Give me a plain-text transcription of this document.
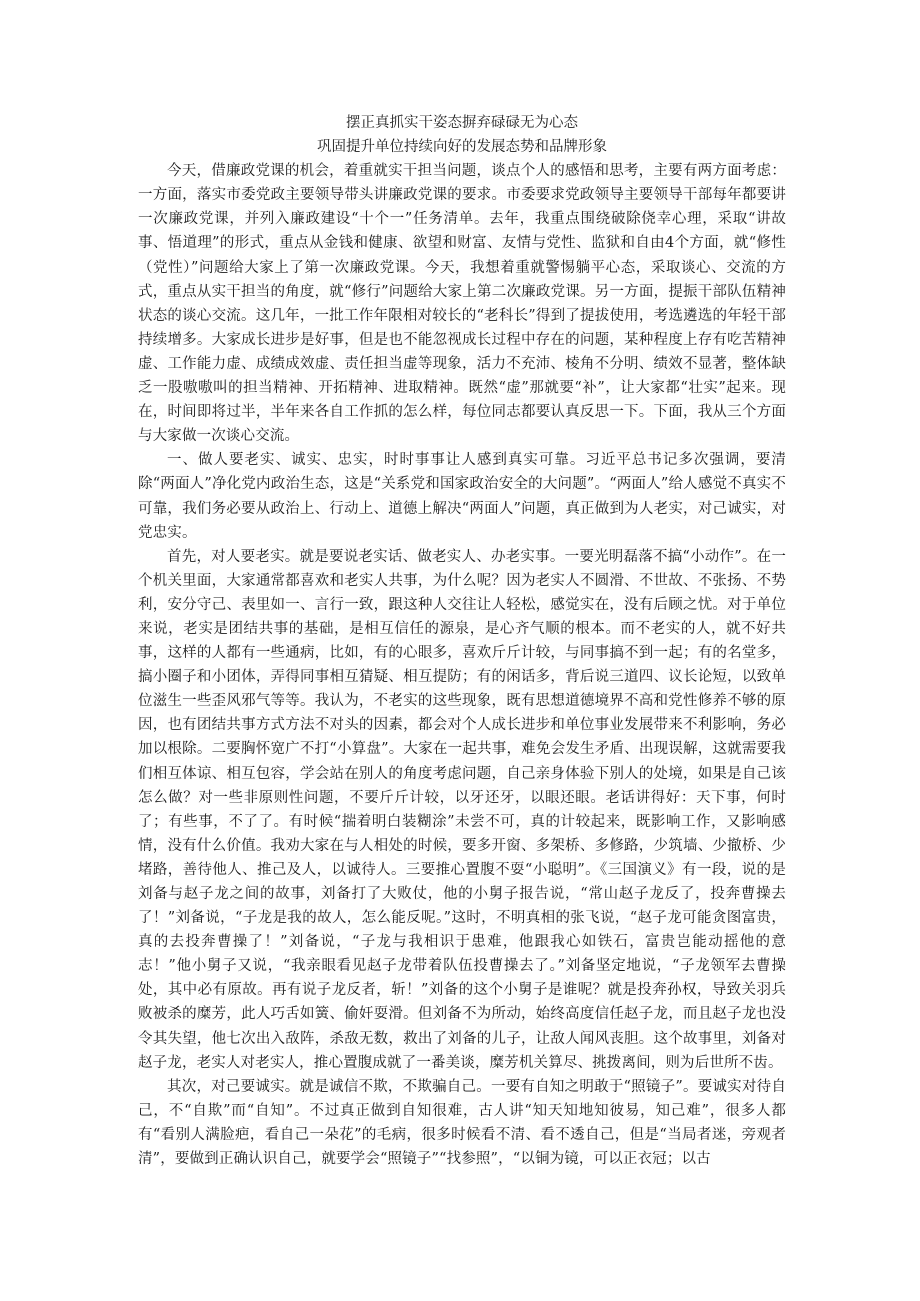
摆正真抓实干姿态摒弃碌碌无为心态
巩固提升单位持续向好的发展态势和品牌形象

今天，借廉政党课的机会，着重就实干担当问题，谈点个人的感悟和思考，主要有两方面考虑：一方面，落实市委党政主要领导带头讲廉政党课的要求。市委要求党政领导主要领导干部每年都要讲一次廉政党课，并列入廉政建设“十个一”任务清单。去年，我重点围绕破除侥幸心理，采取“讲故事、悟道理”的形式，重点从金钱和健康、欲望和财富、友情与党性、监狱和自由4个方面，就“修性（党性）”问题给大家上了第一次廉政党课。今天，我想着重就警惕躺平心态，采取谈心、交流的方式，重点从实干担当的角度，就“修行”问题给大家上第二次廉政党课。另一方面，提振干部队伍精神状态的谈心交流。这几年，一批工作年限相对较长的“老科长”得到了提拔使用，考选遴选的年轻干部持续增多。大家成长进步是好事，但是也不能忽视成长过程中存在的问题，某种程度上存有吃苦精神虚、工作能力虚、成绩成效虚、责任担当虚等现象，活力不充沛、棱角不分明、绩效不显著，整体缺乏一股嗷嗷叫的担当精神、开拓精神、进取精神。既然“虚”那就要“补”，让大家都“壮实”起来。现在，时间即将过半，半年来各自工作抓的怎么样，每位同志都要认真反思一下。下面，我从三个方面与大家做一次谈心交流。

一、做人要老实、诚实、忠实，时时事事让人感到真实可靠。习近平总书记多次强调，要清除“两面人”净化党内政治生态，这是“关系党和国家政治安全的大问题”。“两面人”给人感觉不真实不可靠，我们务必要从政治上、行动上、道德上解决“两面人”问题，真正做到为人老实，对己诚实，对党忠实。

首先，对人要老实。就是要说老实话、做老实人、办老实事。一要光明磊落不搞“小动作”。在一个机关里面，大家通常都喜欢和老实人共事，为什么呢？因为老实人不圆滑、不世故、不张扬、不势利，安分守己、表里如一、言行一致，跟这种人交往让人轻松，感觉实在，没有后顾之忧。对于单位来说，老实是团结共事的基础，是相互信任的源泉，是心齐气顺的根本。而不老实的人，就不好共事，这样的人都有一些通病，比如，有的心眼多，喜欢斤斤计较，与同事搞不到一起；有的名堂多，搞小圈子和小团体，弄得同事相互猜疑、相互提防；有的闲话多，背后说三道四、议长论短，以致单位滋生一些歪风邪气等等。我认为，不老实的这些现象，既有思想道德境界不高和党性修养不够的原因，也有团结共事方式方法不对头的因素，都会对个人成长进步和单位事业发展带来不利影响，务必加以根除。二要胸怀宽广不打“小算盘”。大家在一起共事，难免会发生矛盾、出现误解，这就需要我们相互体谅、相互包容，学会站在别人的角度考虑问题，自己亲身体验下别人的处境，如果是自己该怎么做？对一些非原则性问题，不要斤斤计较，以牙还牙，以眼还眼。老话讲得好：天下事，何时了；有些事，不了了。有时候“揣着明白装糊涂”未尝不可，真的计较起来，既影响工作，又影响感情，没有什么价值。我劝大家在与人相处的时候，要多开窗、多架桥、多修路，少筑墙、少撤桥、少堵路，善待他人、推己及人，以诚待人。三要推心置腹不耍“小聪明”。《三国演义》有一段，说的是刘备与赵子龙之间的故事，刘备打了大败仗，他的小舅子报告说，“常山赵子龙反了，投奔曹操去了！”刘备说，“子龙是我的故人，怎么能反呢。”这时，不明真相的张飞说，“赵子龙可能贪图富贵，真的去投奔曹操了！”刘备说，“子龙与我相识于患难，他跟我心如铁石，富贵岂能动摇他的意志！”他小舅子又说，“我亲眼看见赵子龙带着队伍投曹操去了。”刘备坚定地说，“子龙领军去曹操处，其中必有原故。再有说子龙反者，斩！”刘备的这个小舅子是谁呢？就是投奔孙权，导致关羽兵败被杀的糜芳，此人巧舌如簧、偷奸耍滑。但刘备不为所动，始终高度信任赵子龙，而且赵子龙也没令其失望，他七次出入敌阵，杀敌无数，救出了刘备的儿子，让敌人闻风丧胆。这个故事里，刘备对赵子龙，老实人对老实人，推心置腹成就了一番美谈，糜芳机关算尽、挑拨离间，则为后世所不齿。

其次，对己要诚实。就是诚信不欺，不欺骗自己。一要有自知之明敢于“照镜子”。要诚实对待自己，不“自欺”而“自知”。不过真正做到自知很难，古人讲“知天知地知彼易，知己难”，很多人都有“看别人满脸疤，看自己一朵花”的毛病，很多时候看不清、看不透自己，但是“当局者迷，旁观者清”，要做到正确认识自己，就要学会“照镜子”“找参照”，“以铜为镜，可以正衣冠；以古
